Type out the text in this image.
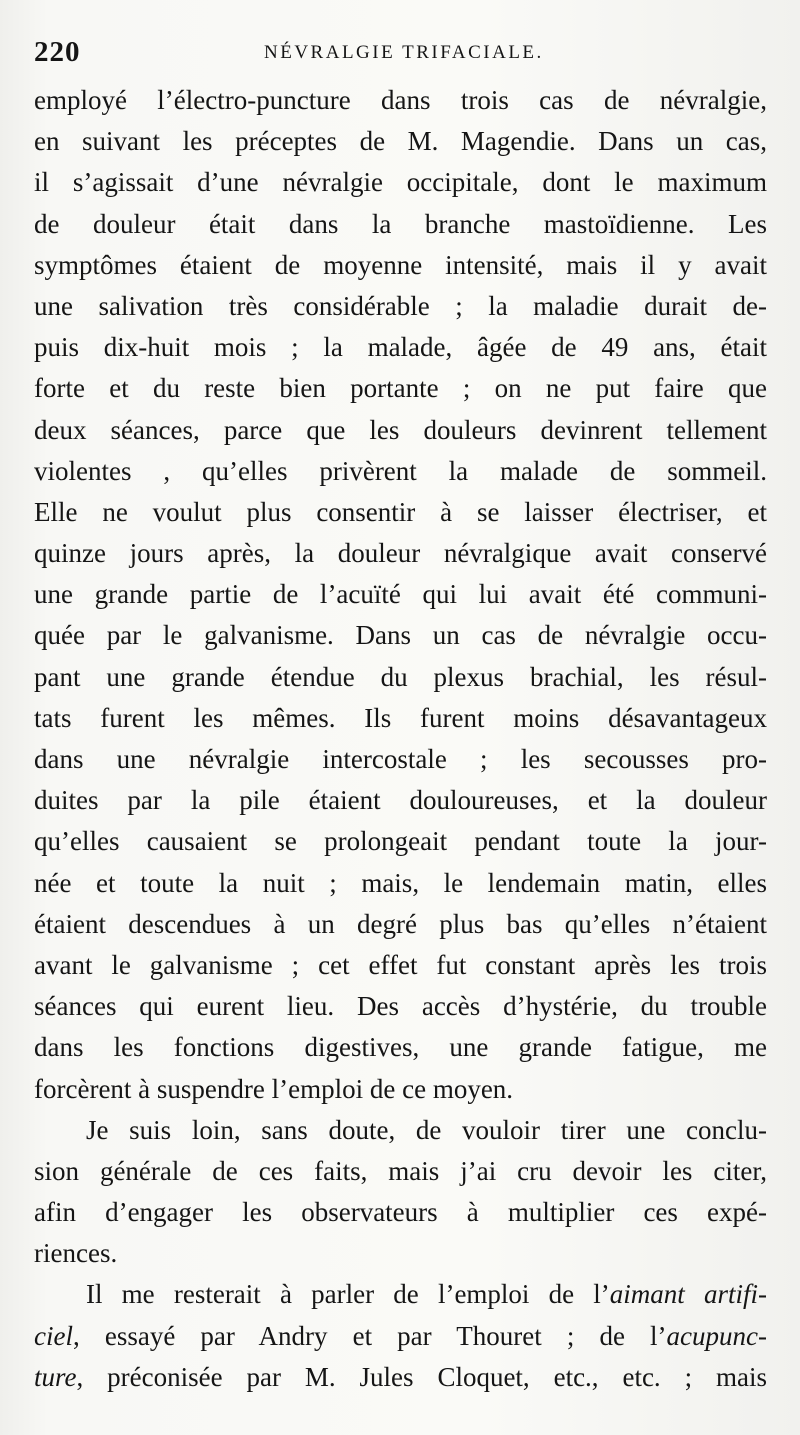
220	NÉVRALGIE TRIFACIALE.
employé l’électro-puncture dans trois cas de névralgie,
en suivant les préceptes de M. Magendie. Dans un cas,
il s’agissait d’une névralgie occipitale, dont le maximum
de douleur était dans la branche mastoïdienne. Les
symptômes étaient de moyenne intensité, mais il y avait
une salivation très considérable ; la maladie durait de-
puis dix-huit mois ; la malade, âgée de 49 ans, était
forte et du reste bien portante ; on ne put faire que
deux séances, parce que les douleurs devinrent tellement
violentes , qu’elles privèrent la malade de sommeil.
Elle ne voulut plus consentir à se laisser électriser, et
quinze jours après, la douleur névralgique avait conservé
une grande partie de l’acuïté qui lui avait été communi-
quée par le galvanisme. Dans un cas de névralgie occu-
pant une grande étendue du plexus brachial, les résul-
tats furent les mêmes. Ils furent moins désavantageux
dans une névralgie intercostale ; les secousses pro-
duites par la pile étaient douloureuses, et la douleur
qu’elles causaient se prolongeait pendant toute la jour-
née et toute la nuit ; mais, le lendemain matin, elles
étaient descendues à un degré plus bas qu’elles n’étaient
avant le galvanisme ; cet effet fut constant après les trois
séances qui eurent lieu. Des accès d’hystérie, du trouble
dans les fonctions digestives, une grande fatigue, me
forcèrent à suspendre l’emploi de ce moyen.
Je suis loin, sans doute, de vouloir tirer une conclu-
sion générale de ces faits, mais j’ai cru devoir les citer,
afin d’engager les observateurs à multiplier ces expé-
riences.
Il me resterait à parler de l’emploi de l’aimant artifi-
ciel, essayé par Andry et par Thouret ; de l’acupunc-
ture, préconisée par M. Jules Cloquet, etc., etc. ; mais
